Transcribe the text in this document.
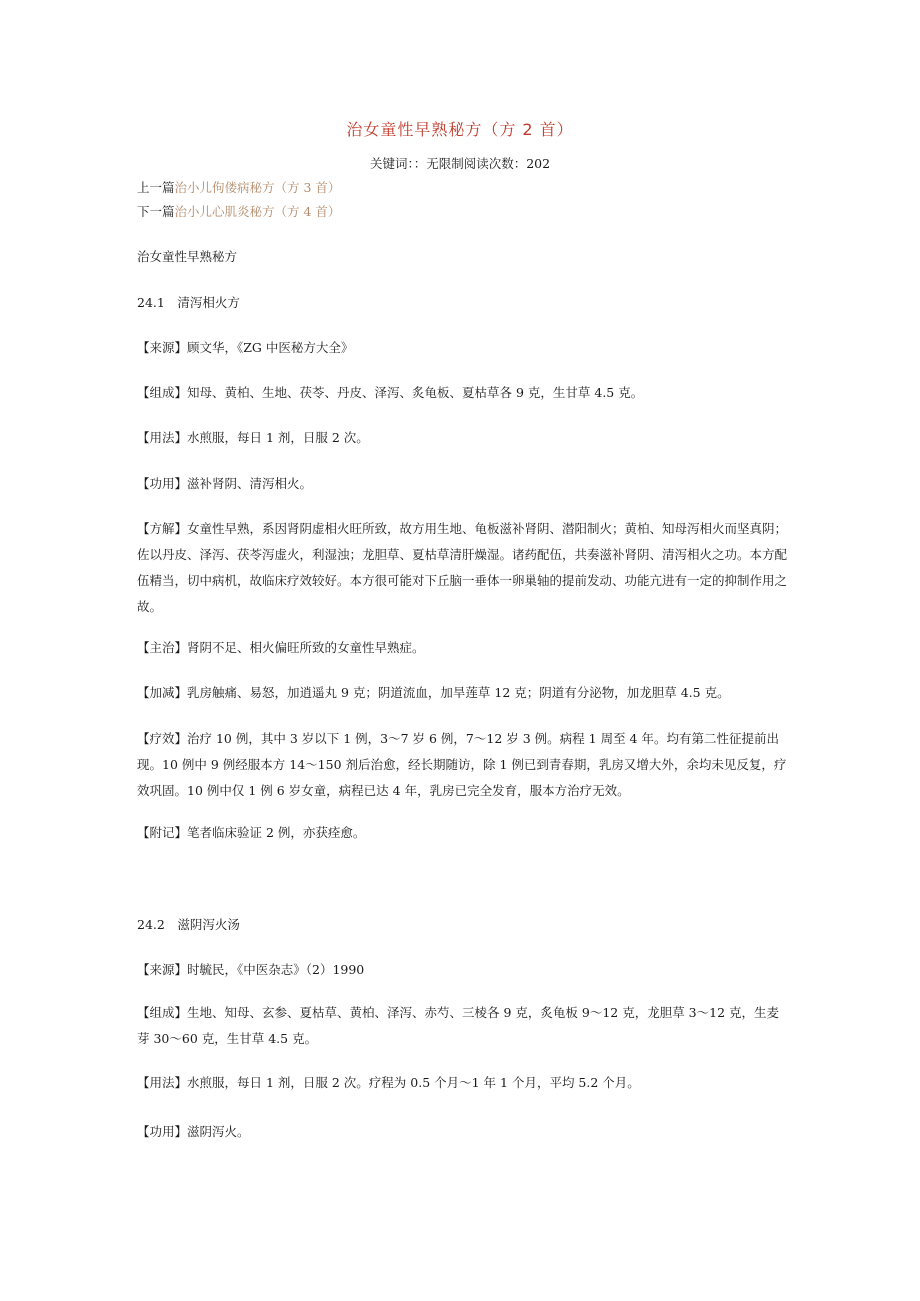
治女童性早熟秘方（方 2 首）
关键词：：无限制阅读次数：202
上一篇治小儿佝偻病秘方（方 3 首）
下一篇治小儿心肌炎秘方（方 4 首）
治女童性早熟秘方
24.1　清泻相火方
【来源】顾文华，《ZG 中医秘方大全》
【组成】知母、黄柏、生地、茯苓、丹皮、泽泻、炙龟板、夏枯草各 9 克，生甘草 4.5 克。
【用法】水煎服，每日 1 剂，日服 2 次。
【功用】滋补肾阴、清泻相火。
【方解】女童性早熟，系因肾阴虚相火旺所致，故方用生地、龟板滋补肾阴、潜阳制火；黄柏、知母泻相火而坚真阴；佐以丹皮、泽泻、茯苓泻虚火，利湿浊；龙胆草、夏枯草清肝燥湿。诸药配伍，共奏滋补肾阴、清泻相火之功。本方配伍精当，切中病机，故临床疗效较好。本方很可能对下丘脑一垂体一卵巢轴的提前发动、功能亢进有一定的抑制作用之故。
【主治】肾阴不足、相火偏旺所致的女童性早熟症。
【加减】乳房触痛、易怒，加逍遥丸 9 克；阴道流血，加旱莲草 12 克；阴道有分泌物，加龙胆草 4.5 克。
【疗效】治疗 10 例，其中 3 岁以下 1 例，3～7 岁 6 例，7～12 岁 3 例。病程 1 周至 4 年。均有第二性征提前出现。10 例中 9 例经服本方 14～150 剂后治愈，经长期随访，除 1 例已到青春期，乳房又增大外，余均未见反复，疗效巩固。10 例中仅 1 例 6 岁女童，病程已达 4 年，乳房已完全发育，服本方治疗无效。
【附记】笔者临床验证 2 例，亦获痊愈。
24.2　滋阴泻火汤
【来源】时毓民，《中医杂志》（2）1990
【组成】生地、知母、玄参、夏枯草、黄柏、泽泻、赤芍、三棱各 9 克，炙龟板 9～12 克，龙胆草 3～12 克，生麦芽 30～60 克，生甘草 4.5 克。
【用法】水煎服，每日 1 剂，日服 2 次。疗程为 0.5 个月～1 年 1 个月，平均 5.2 个月。
【功用】滋阴泻火。
